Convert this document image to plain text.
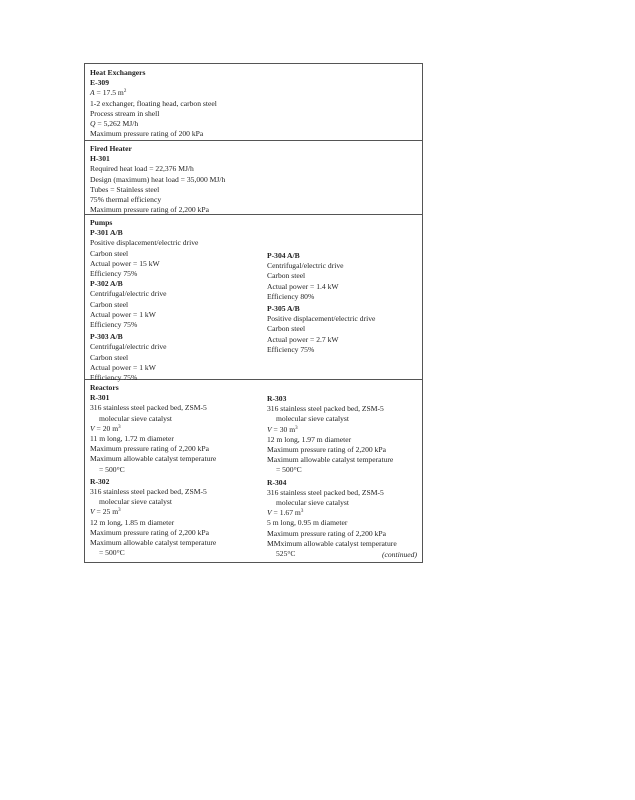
Heat Exchangers
E-309
A = 17.5 $m^2$
1-2 exchanger, floating head, carbon steel
Process stream in shell
Q = 5,262 MJ/h
Maximum pressure rating of 200 kPa
Fired Heater
H-301
Required heat load = 22,376 MJ/h
Design (maximum) heat load = 35,000 MJ/h
Tubes = Stainless steel
75% thermal efficiency
Maximum pressure rating of 2,200 kPa
Pumps
P-301 A/B
Positive displacement/electric drive
Carbon steel
Actual power = 15 kW
Efficiency 75%
P-302 A/B
Centrifugal/electric drive
Carbon steel
Actual power = 1 kW
Efficiency 75%
P-303 A/B
Centrifugal/electric drive
Carbon steel
Actual power = 1 kW
Efficiency 75%
P-304 A/B
Centrifugal/electric drive
Carbon steel
Actual power = 1.4 kW
Efficiency 80%
P-305 A/B
Positive displacement/electric drive
Carbon steel
Actual power = 2.7 kW
Efficiency 75%
Reactors
R-301
316 stainless steel packed bed, ZSM-5
molecular sieve catalyst
V = 20 $m^3$
11 m long, 1.72 m diameter
Maximum pressure rating of 2,200 kPa
Maximum allowable catalyst temperature
= 500°C
R-302
316 stainless steel packed bed, ZSM-5
molecular sieve catalyst
V = 25 $m^3$
12 m long, 1.85 m diameter
Maximum pressure rating of 2,200 kPa
Maximum allowable catalyst temperature
= 500°C
R-303
316 stainless steel packed bed, ZSM-5
molecular sieve catalyst
V = 30 $m^3$
12 m long, 1.97 m diameter
Maximum pressure rating of 2,200 kPa
Maximum allowable catalyst temperature
= 500°C
R-304
316 stainless steel packed bed, ZSM-5
molecular sieve catalyst
V = 1.67 $m^3$
5 m long, 0.95 m diameter
Maximum pressure rating of 2,200 kPa
MMximum allowable catalyst temperature
525°C	(continued)
